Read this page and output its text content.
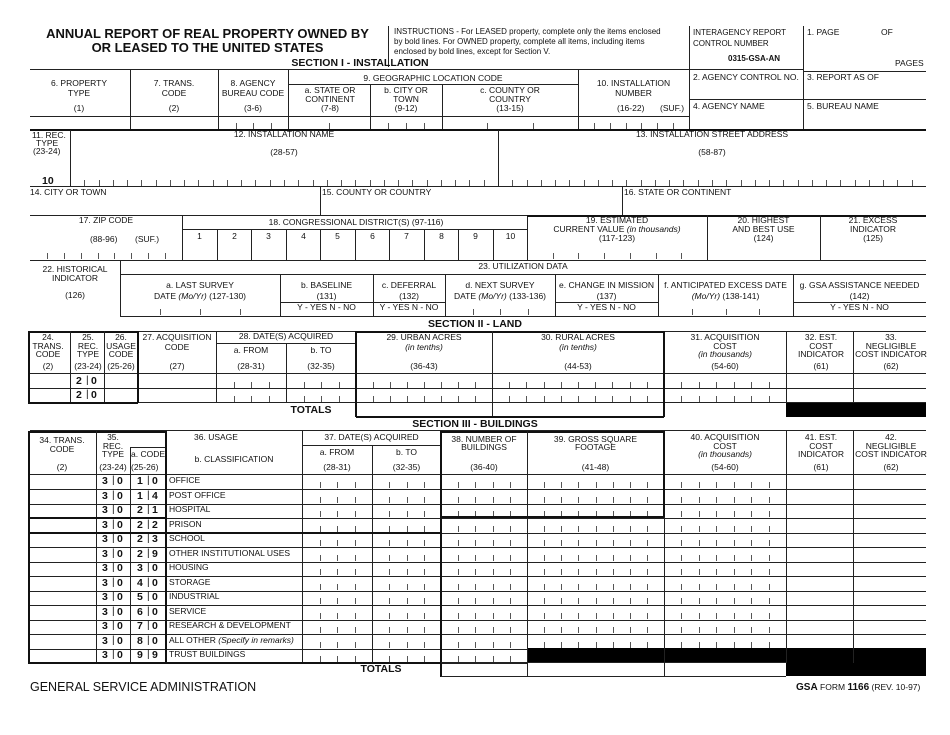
ANNUAL REPORT OF REAL PROPERTY OWNED BY
OR LEASED TO THE UNITED STATES
INSTRUCTIONS - For LEASED property, complete only the items enclosed
by bold lines. For OWNED property, complete all items, including items
enclosed by bold lines, except for Section V.
INTERAGENCY REPORT
CONTROL NUMBER
0315-GSA-AN
1. PAGE	OF
PAGES
2. AGENCY CONTROL NO. 3. REPORT AS OF
4. AGENCY NAME	5. BUREAU NAME
SECTION I - INSTALLATION
6. PROPERTY
TYPE
(1)
7. TRANS.
CODE
(2)
8. AGENCY
BUREAU CODE
(3-6)
9. GEOGRAPHIC LOCATION CODE
a. STATE OR
CONTINENT
(7-8)
b. CITY OR
TOWN
(9-12)
c. COUNTY OR
COUNTRY
(13-15)
10. INSTALLATION
NUMBER
(16-22) (SUF.)
11. REC.
TYPE
(23-24)
10
12. INSTALLATION NAME
(28-57)
13. INSTALLATION STREET ADDRESS
(58-87)
14. CITY OR TOWN	15. COUNTY OR COUNTRY	16. STATE OR CONTINENT
17. ZIP CODE
(88-96) (SUF.)
18. CONGRESSIONAL DISTRICT(S) (97-116)
1	2	3	4	5	6	7	8	9	10
19. ESTIMATED
CURRENT VALUE (in thousands)
(117-123)
20. HIGHEST
AND BEST USE
(124)
21. EXCESS
INDICATOR
(125)
22. HISTORICAL
INDICATOR
(126)
23. UTILIZATION DATA
a. LAST SURVEY
DATE (Mo/Yr) (127-130)
b. BASELINE
(131)
Y - YES N - NO
c. DEFERRAL
(132)
Y - YES N - NO
d. NEXT SURVEY
DATE (Mo/Yr) (133-136)
e. CHANGE IN MISSION
(137)
Y - YES N - NO
f. ANTICIPATED EXCESS DATE
(Mo/Yr) (138-141)
g. GSA ASSISTANCE NEEDED
(142)
Y - YES N - NO
SECTION II - LAND
24.
TRANS.
CODE
(2)
25.
REC.
TYPE
(23-24)
26.
USAGE
CODE
(25-26)
27. ACQUISITION
CODE
(27)
28. DATE(S) ACQUIRED
a. FROM
(28-31)
b. TO
(32-35)
29. URBAN ACRES
(in tenths)
(36-43)
30. RURAL ACRES
(in tenths)
(44-53)
31. ACQUISITION
COST
(in thousands)
(54-60)
32. EST.
COST
INDICATOR
(61)
33.
NEGLIGIBLE
COST INDICATOR
(62)
2 | 0
2 | 0
TOTALS
SECTION III - BUILDINGS
34. TRANS.
CODE
(2)
35.
REC.
TYPE
(23-24)
36. USAGE
a. CODE
(25-26)
b. CLASSIFICATION
37. DATE(S) ACQUIRED
a. FROM
(28-31)
b. TO
(32-35)
38. NUMBER OF
BUILDINGS
(36-40)
39. GROSS SQUARE
FOOTAGE
(41-48)
40. ACQUISITION
COST
(in thousands)
(54-60)
41. EST.
COST
INDICATOR
(61)
42.
NEGLIGIBLE
COST INDICATOR
(62)
3 | 0 1 | 0 OFFICE
3 | 0 1 | 4 POST OFFICE
3 | 0 2 | 1 HOSPITAL
3 | 0 2 | 2 PRISON
3 | 0 2 | 3 SCHOOL
3 | 0 2 | 9 OTHER INSTITUTIONAL USES
3 | 0 3 | 0 HOUSING
3 | 0 4 | 0 STORAGE
3 | 0 5 | 0 INDUSTRIAL
3 | 0 6 | 0 SERVICE
3 | 0 7 | 0 RESEARCH & DEVELOPMENT
3 | 0 8 | 0 ALL OTHER (Specify in remarks)
3 | 0 9 | 9 TRUST BUILDINGS
TOTALS
GENERAL SERVICE ADMINISTRATION	GSA FORM 1166 (REV. 10-97)
